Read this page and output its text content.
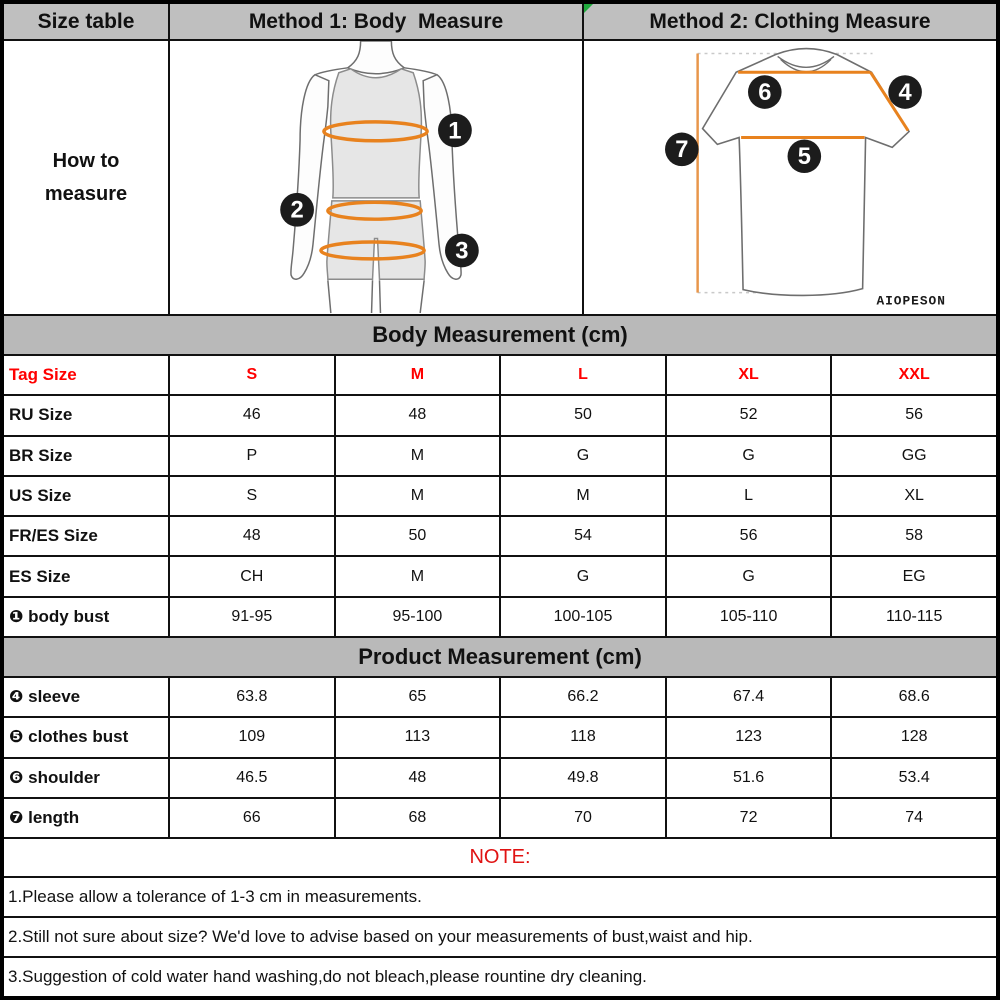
Size table	Method 1: Body  Measure	Method 2: Clothing Measure
How to
measure
1
2
3
6	4
7	5
AIOPESON
Body Measurement (cm)
Tag Size	S	M	L	XL	XXL
RU Size	46	48	50	52	56
BR Size	P	M	G	G	GG
US Size	S	M	M	L	XL
FR/ES Size	48	50	54	56	58
ES Size	CH	M	G	G	EG
❶ body bust	91-95	95-100	100-105	105-110	110-115
Product Measurement (cm)
❹ sleeve	63.8	65	66.2	67.4	68.6
❺ clothes bust	109	113	118	123	128
❻ shoulder	46.5	48	49.8	51.6	53.4
❼ length	66	68	70	72	74
NOTE:
1.Please allow a tolerance of 1-3 cm in measurements.
2.Still not sure about size? We'd love to advise based on your measurements of bust,waist and hip.
3.Suggestion of cold water hand washing,do not bleach,please rountine dry cleaning.
